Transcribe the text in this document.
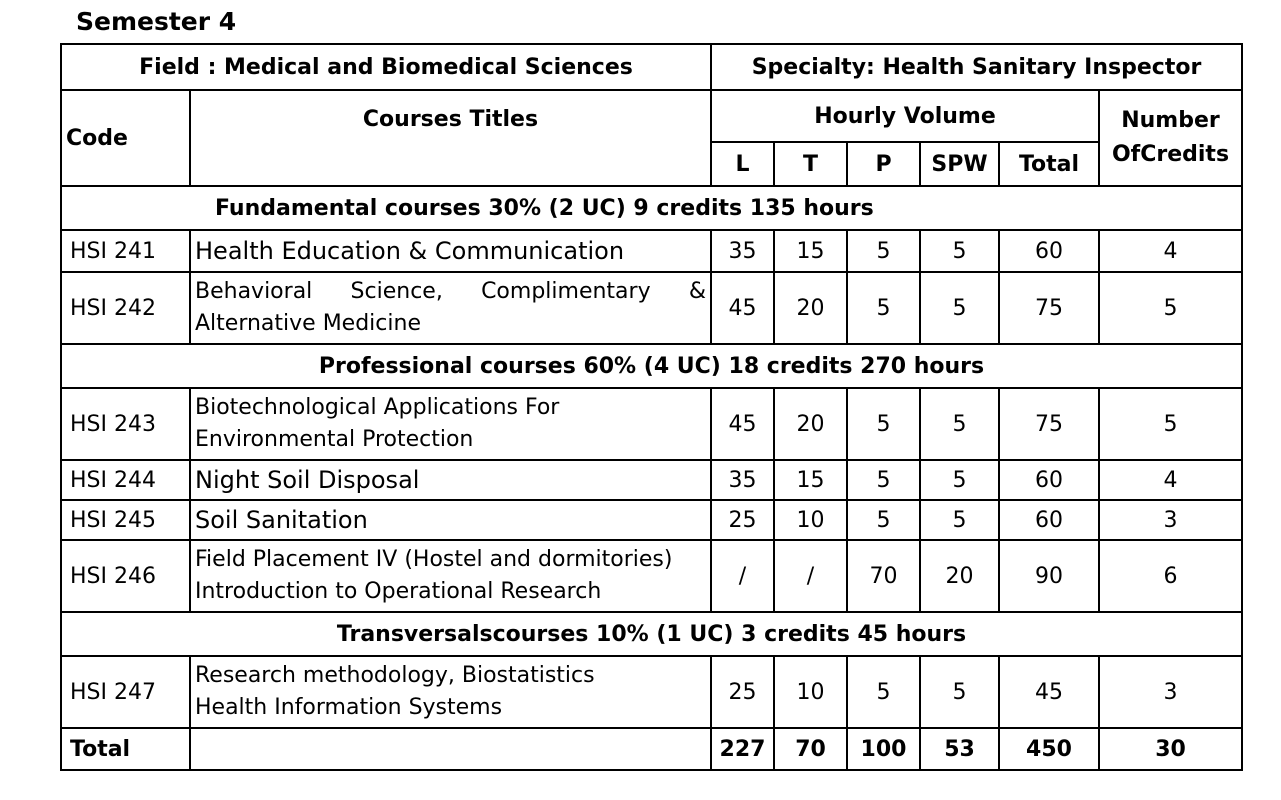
Semester 4
Field : Medical and Biomedical Sciences		Specialty: Health Sanitary Inspector					
Code	Courses Titles	Hourly Volume					Number
OfCredits
		L	T	P	SPW	Total	
Fundamental courses 30% (2 UC) 9 credits 135 hours							
HSI 241	Health Education & Communication	35	15	5	5	60	4
HSI 242	Behavioral Science, Complimentary &
Alternative Medicine	45	20	5	5	75	5
Professional courses 60% (4 UC) 18 credits 270 hours							
HSI 243	Biotechnological Applications For
Environmental Protection	45	20	5	5	75	5
HSI 244	Night Soil Disposal	35	15	5	5	60	4
HSI 245	Soil Sanitation	25	10	5	5	60	3
HSI 246	Field Placement IV (Hostel and dormitories)
Introduction to Operational Research	/	/	70	20	90	6
Transversalscourses 10% (1 UC) 3 credits 45 hours							
HSI 247	Research methodology, Biostatistics
Health Information Systems	25	10	5	5	45	3
Total		227	70	100	53	450	30
